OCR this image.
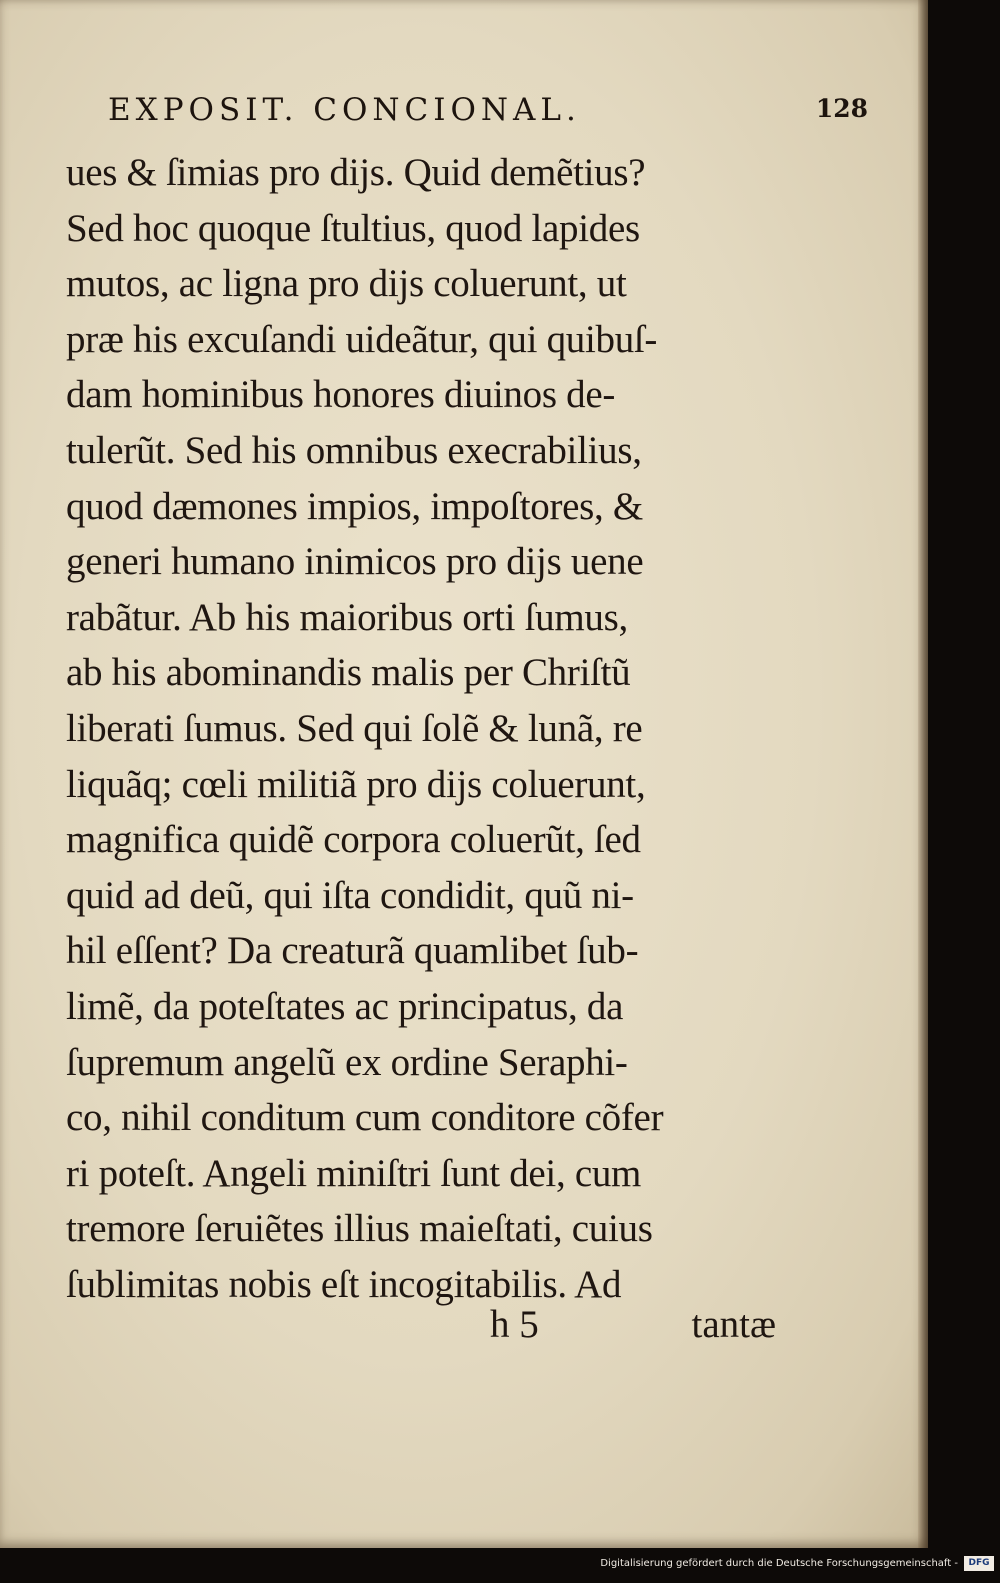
EXPOSIT. CONCIONAL.	128
ues & ſimias pro dijs. Quid demẽtius?
Sed hoc quoque ſtultius, quod lapides
mutos, ac ligna pro dijs coluerunt, ut
præ his excuſandi uideãtur, qui quibuſ-
dam hominibus honores diuinos de-
tulerũt. Sed his omnibus execrabilius,
quod dæmones impios, impoſtores, &
generi humano inimicos pro dijs uene
rabãtur. Ab his maioribus orti ſumus,
ab his abominandis malis per Chriſtũ
liberati ſumus. Sed qui ſolẽ & lunã, re
liquãq; cœli militiã pro dijs coluerunt,
magnifica quidẽ corpora coluerũt, ſed
quid ad deũ, qui iſta condidit, quũ ni-
hil eſſent? Da creaturã quamlibet ſub-
limẽ, da poteſtates ac principatus, da
ſupremum angelũ ex ordine Seraphi-
co, nihil conditum cum conditore cõfer
ri poteſt. Angeli miniſtri ſunt dei, cum
tremore ſeruiẽtes illius maieſtati, cuius
ſublimitas nobis eſt incogitabilis. Ad
h 5	tantæ
Digitalisierung gefördert durch die Deutsche Forschungsgemeinschaft -	DFG
